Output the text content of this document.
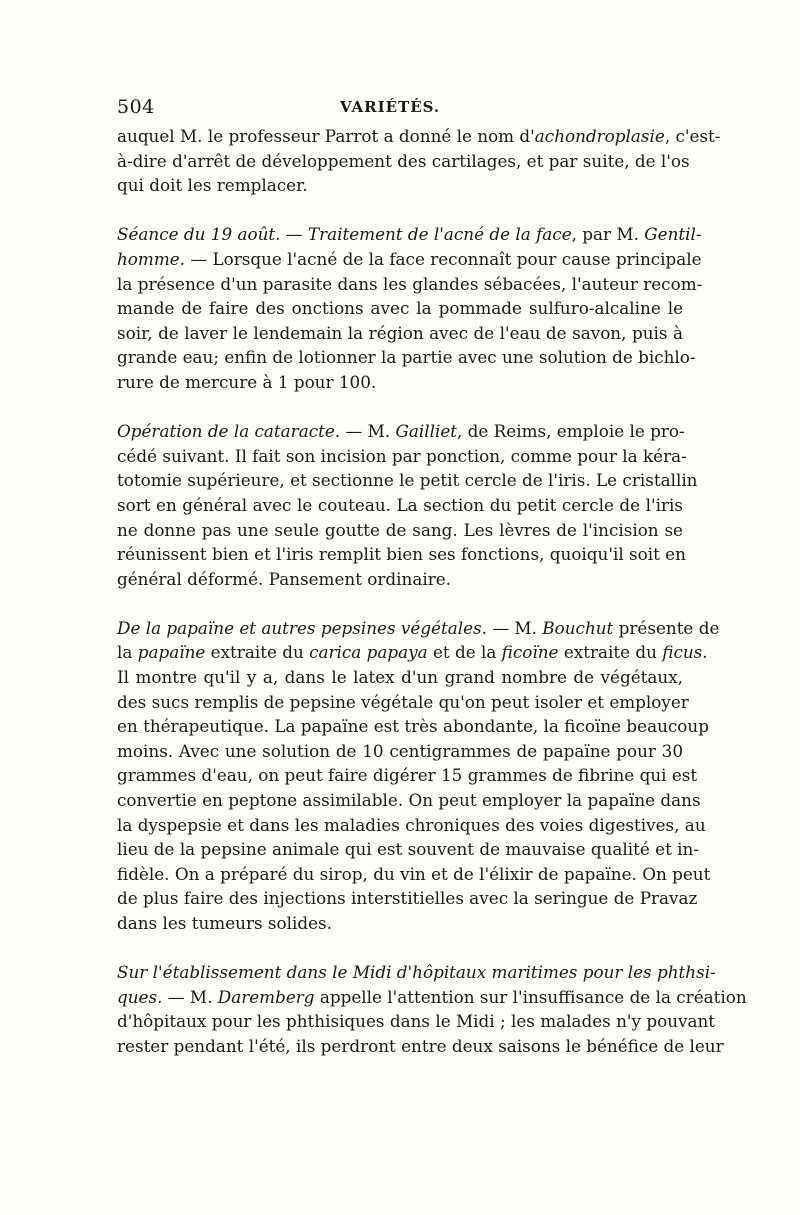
504	VARIÉTÉS.
auquel M. le professeur Parrot a donné le nom d'achondroplasie, c'est-
à-dire d'arrêt de développement des cartilages, et par suite, de l'os
qui doit les remplacer.
Séance du 19 août. — Traitement de l'acné de la face, par M. Gentil-
homme. — Lorsque l'acné de la face reconnaît pour cause principale
la présence d'un parasite dans les glandes sébacées, l'auteur recom-
mande de faire des onctions avec la pommade sulfuro-alcaline le
soir, de laver le lendemain la région avec de l'eau de savon, puis à
grande eau; enfin de lotionner la partie avec une solution de bichlo-
rure de mercure à 1 pour 100.
Opération de la cataracte. — M. Gailliet, de Reims, emploie le pro-
cédé suivant. Il fait son incision par ponction, comme pour la kéra-
totomie supérieure, et sectionne le petit cercle de l'iris. Le cristallin
sort en général avec le couteau. La section du petit cercle de l'iris
ne donne pas une seule goutte de sang. Les lèvres de l'incision se
réunissent bien et l'iris remplit bien ses fonctions, quoiqu'il soit en
général déformé. Pansement ordinaire.
De la papaïne et autres pepsines végétales. — M. Bouchut présente de
la papaïne extraite du carica papaya et de la ficoïne extraite du ficus.
Il montre qu'il y a, dans le latex d'un grand nombre de végétaux,
des sucs remplis de pepsine végétale qu'on peut isoler et employer
en thérapeutique. La papaïne est très abondante, la ficoïne beaucoup
moins. Avec une solution de 10 centigrammes de papaïne pour 30
grammes d'eau, on peut faire digérer 15 grammes de fibrine qui est
convertie en peptone assimilable. On peut employer la papaïne dans
la dyspepsie et dans les maladies chroniques des voies digestives, au
lieu de la pepsine animale qui est souvent de mauvaise qualité et in-
fidèle. On a préparé du sirop, du vin et de l'élixir de papaïne. On peut
de plus faire des injections interstitielles avec la seringue de Pravaz
dans les tumeurs solides.
Sur l'établissement dans le Midi d'hôpitaux maritimes pour les phthsi-
ques. — M. Daremberg appelle l'attention sur l'insuffisance de la création
d'hôpitaux pour les phthisiques dans le Midi ; les malades n'y pouvant
rester pendant l'été, ils perdront entre deux saisons le bénéfice de leur
